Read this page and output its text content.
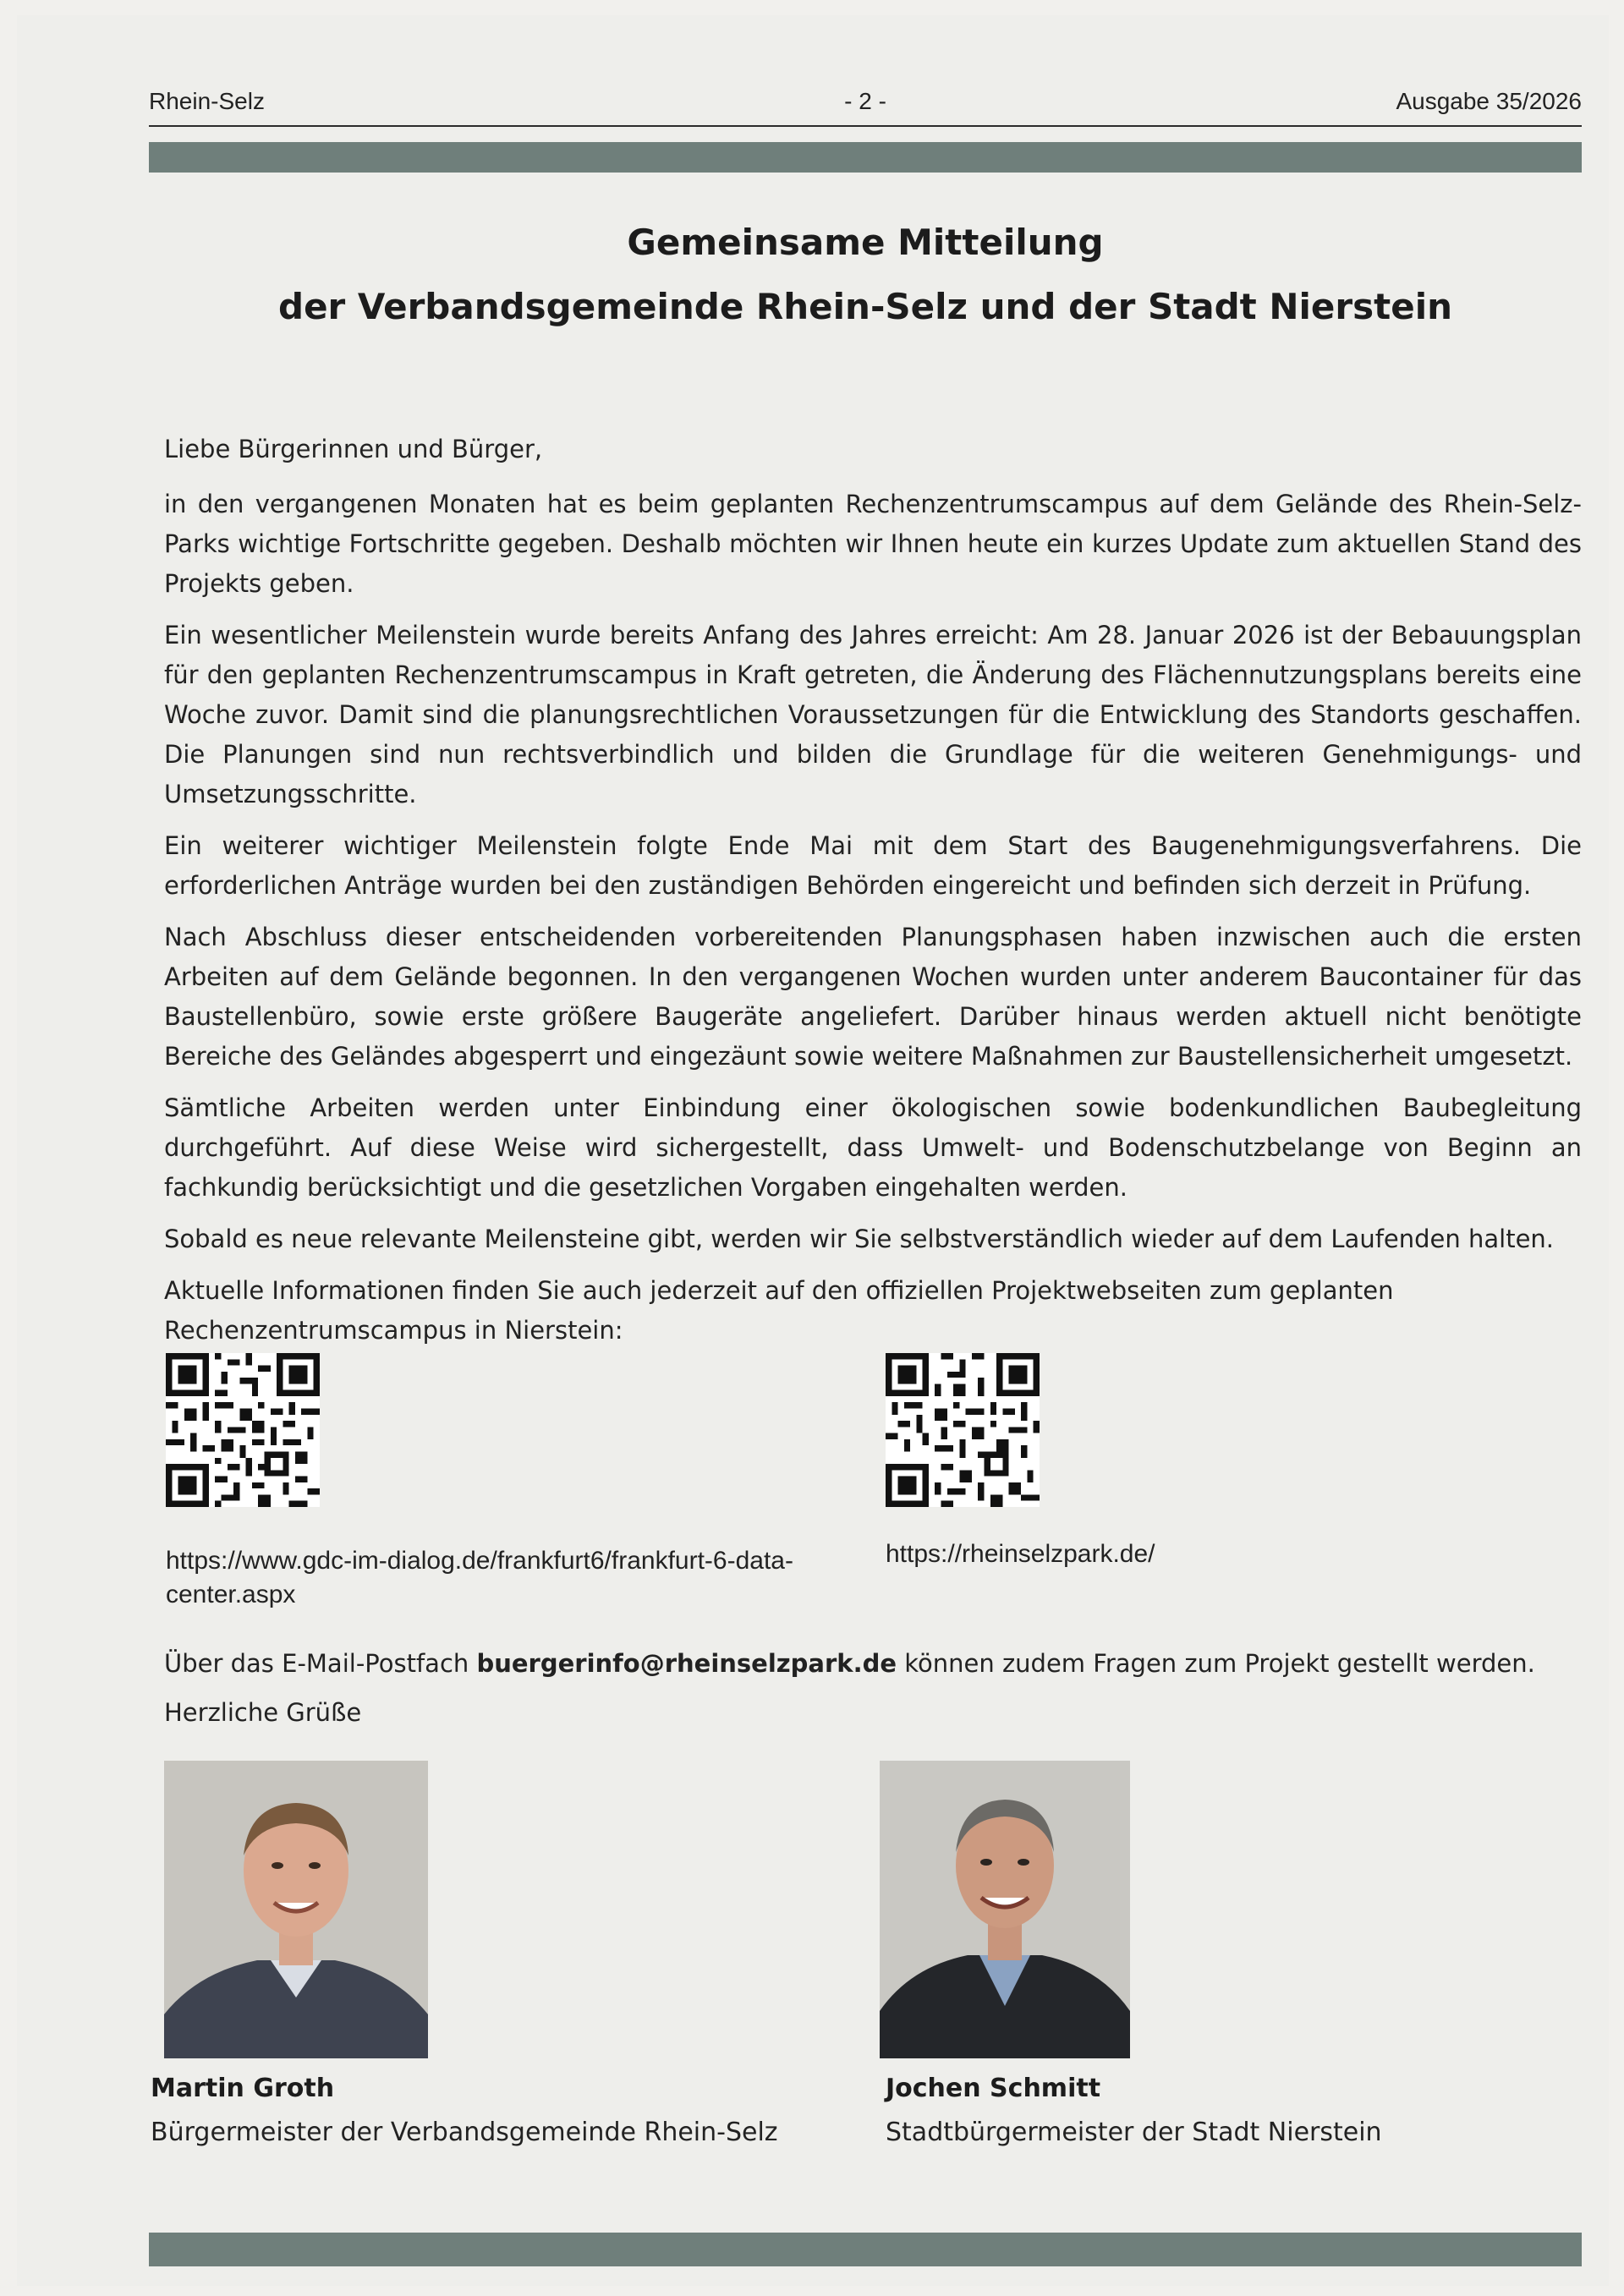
Rhein-Selz	- 2 -	Ausgabe 35/2026
Gemeinsame Mitteilung
der Verbandsgemeinde Rhein-Selz und der Stadt Nierstein

Liebe Bürgerinnen und Bürger,

in den vergangenen Monaten hat es beim geplanten Rechenzentrumscampus auf dem Gelände des Rhein-Selz-Parks wichtige Fortschritte gegeben. Deshalb möchten wir Ihnen heute ein kurzes Update zum aktuellen Stand des Projekts geben.

Ein wesentlicher Meilenstein wurde bereits Anfang des Jahres erreicht: Am 28. Januar 2026 ist der Bebauungsplan für den geplanten Rechenzentrumscampus in Kraft getreten, die Änderung des Flächennutzungsplans bereits eine Woche zuvor. Damit sind die planungsrechtlichen Voraussetzungen für die Entwicklung des Standorts geschaffen. Die Planungen sind nun rechtsverbindlich und bilden die Grundlage für die weiteren Genehmigungs- und Umsetzungsschritte.

Ein weiterer wichtiger Meilenstein folgte Ende Mai mit dem Start des Baugenehmigungsverfahrens. Die erforderlichen Anträge wurden bei den zuständigen Behörden eingereicht und befinden sich derzeit in Prüfung.

Nach Abschluss dieser entscheidenden vorbereitenden Planungsphasen haben inzwischen auch die ersten Arbeiten auf dem Gelände begonnen. In den vergangenen Wochen wurden unter anderem Baucontainer für das Baustellenbüro, sowie erste größere Baugeräte angeliefert. Darüber hinaus werden aktuell nicht benötigte Bereiche des Geländes abgesperrt und eingezäunt sowie weitere Maßnahmen zur Baustellensicherheit umgesetzt.

Sämtliche Arbeiten werden unter Einbindung einer ökologischen sowie bodenkundlichen Baubegleitung durchgeführt. Auf diese Weise wird sichergestellt, dass Umwelt- und Bodenschutzbelange von Beginn an fachkundig berücksichtigt und die gesetzlichen Vorgaben eingehalten werden.

Sobald es neue relevante Meilensteine gibt, werden wir Sie selbstverständlich wieder auf dem Laufenden halten.

Aktuelle Informationen finden Sie auch jederzeit auf den offiziellen Projektwebseiten zum geplanten Rechenzentrumscampus in Nierstein:

https://www.gdc-im-dialog.de/frankfurt6/frankfurt-6-data-center.aspx
https://rheinselzpark.de/
Über das E-Mail-Postfach buergerinfo@rheinselzpark.de können zudem Fragen zum Projekt gestellt werden.
Herzliche Grüße
Martin Groth
Bürgermeister der Verbandsgemeinde Rhein-Selz
Jochen Schmitt
Stadtbürgermeister der Stadt Nierstein
